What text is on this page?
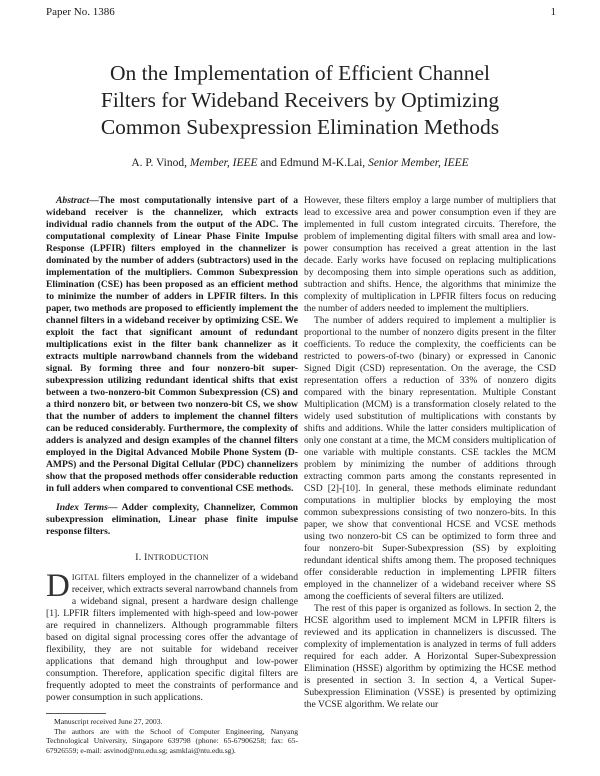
Paper No. 1386	1
On the Implementation of Efficient Channel
Filters for Wideband Receivers by Optimizing
Common Subexpression Elimination Methods
A. P. Vinod, Member, IEEE and Edmund M-K.Lai, Senior Member, IEEE

Abstract—The most computationally intensive part of a wideband receiver is the channelizer, which extracts individual radio channels from the output of the ADC. The computational complexity of Linear Phase Finite Impulse Response (LPFIR) filters employed in the channelizer is dominated by the number of adders (subtractors) used in the implementation of the multipliers. Common Subexpression Elimination (CSE) has been proposed as an efficient method to minimize the number of adders in LPFIR filters. In this paper, two methods are proposed to efficiently implement the channel filters in a wideband receiver by optimizing CSE. We exploit the fact that significant amount of redundant multiplications exist in the filter bank channelizer as it extracts multiple narrowband channels from the wideband signal. By forming three and four nonzero-bit super-subexpression utilizing redundant identical shifts that exist between a two-nonzero-bit Common Subexpression (CS) and a third nonzero bit, or between two nonzero-bit CS, we show that the number of adders to implement the channel filters can be reduced considerably. Furthermore, the complexity of adders is analyzed and design examples of the channel filters employed in the Digital Advanced Mobile Phone System (D-AMPS) and the Personal Digital Cellular (PDC) channelizers show that the proposed methods offer considerable reduction in full adders when compared to conventional CSE methods.

Index Terms— Adder complexity, Channelizer, Common subexpression elimination, Linear phase finite impulse response filters.

I. INTRODUCTION

DIGITAL filters employed in the channelizer of a wideband receiver, which extracts several narrowband channels from a wideband signal, present a hardware design challenge [1]. LPFIR filters implemented with high-speed and low-power are required in channelizers. Although programmable filters based on digital signal processing cores offer the advantage of flexibility, they are not suitable for wideband receiver applications that demand high throughput and low-power consumption. Therefore, application specific digital filters are frequently adopted to meet the constraints of performance and power consumption in such applications.

Manuscript received June 27, 2003.

The authors are with the School of Computer Engineering, Nanyang Technological University, Singapore 639798 (phone: 65-67906258; fax: 65-67926559; e-mail: asvinod@ntu.edu.sg; asmklai@ntu.edu.sg).

However, these filters employ a large number of multipliers that lead to excessive area and power consumption even if they are implemented in full custom integrated circuits. Therefore, the problem of implementing digital filters with small area and low-power consumption has received a great attention in the last decade. Early works have focused on replacing multiplications by decomposing them into simple operations such as addition, subtraction and shifts. Hence, the algorithms that minimize the complexity of multiplication in LPFIR filters focus on reducing the number of adders needed to implement the multipliers.

The number of adders required to implement a multiplier is proportional to the number of nonzero digits present in the filter coefficients. To reduce the complexity, the coefficients can be restricted to powers-of-two (binary) or expressed in Canonic Signed Digit (CSD) representation. On the average, the CSD representation offers a reduction of 33% of nonzero digits compared with the binary representation. Multiple Constant Multiplication (MCM) is a transformation closely related to the widely used substitution of multiplications with constants by shifts and additions. While the latter considers multiplication of only one constant at a time, the MCM considers multiplication of one variable with multiple constants. CSE tackles the MCM problem by minimizing the number of additions through extracting common parts among the constants represented in CSD [2]-[10]. In general, these methods eliminate redundant computations in multiplier blocks by employing the most common subexpressions consisting of two nonzero-bits. In this paper, we show that conventional HCSE and VCSE methods using two nonzero-bit CS can be optimized to form three and four nonzero-bit Super-Subexpression (SS) by exploiting redundant identical shifts among them. The proposed techniques offer considerable reduction in implementing LPFIR filters employed in the channelizer of a wideband receiver where SS among the coefficients of several filters are utilized.

The rest of this paper is organized as follows. In section 2, the HCSE algorithm used to implement MCM in LPFIR filters is reviewed and its application in channelizers is discussed. The complexity of implementation is analyzed in terms of full adders required for each adder. A Horizontal Super-Subexpression Elimination (HSSE) algorithm by optimizing the HCSE method is presented in section 3. In section 4, a Vertical Super-Subexpression Elimination (VSSE) is presented by optimizing the VCSE algorithm. We relate our
